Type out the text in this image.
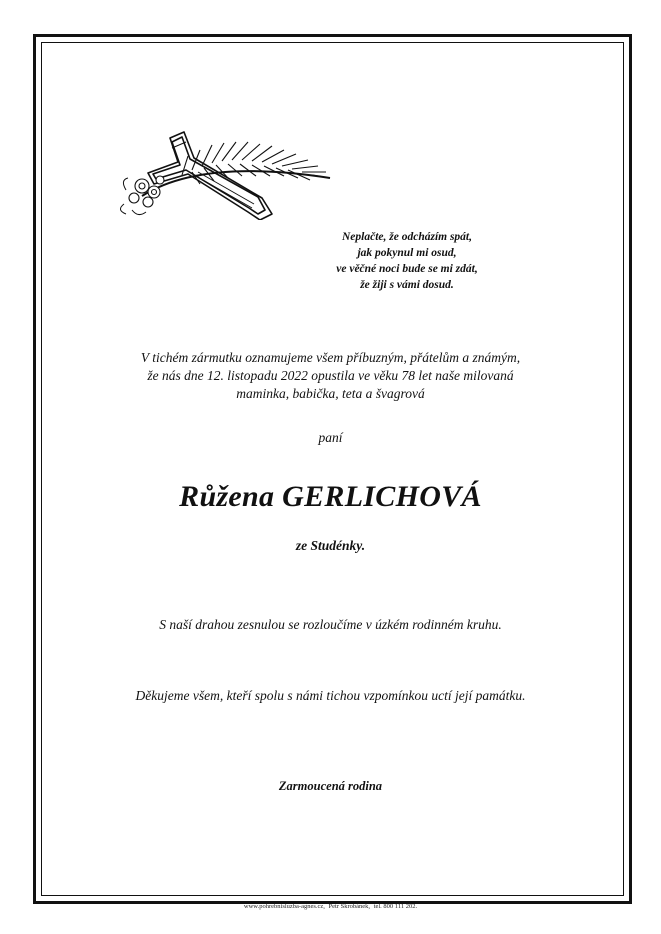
Neplačte, že odcházím spát,
jak pokynul mi osud,
ve věčné noci bude se mi zdát,
že žiji s vámi dosud.
V tichém zármutku oznamujeme všem příbuzným, přátelům a známým,
že nás dne 12. listopadu 2022 opustila ve věku 78 let naše milovaná
maminka, babička, teta a švagrová
paní
Růžena GERLICHOVÁ
ze Studénky.
S naší drahou zesnulou se rozloučíme v úzkém rodinném kruhu.
Děkujeme všem, kteří spolu s námi tichou vzpomínkou uctí její památku.
Zarmoucená rodina
www.pohrebnisluzba-agnes.cz, Petr Škrobánek, tel. 800 111 202.
